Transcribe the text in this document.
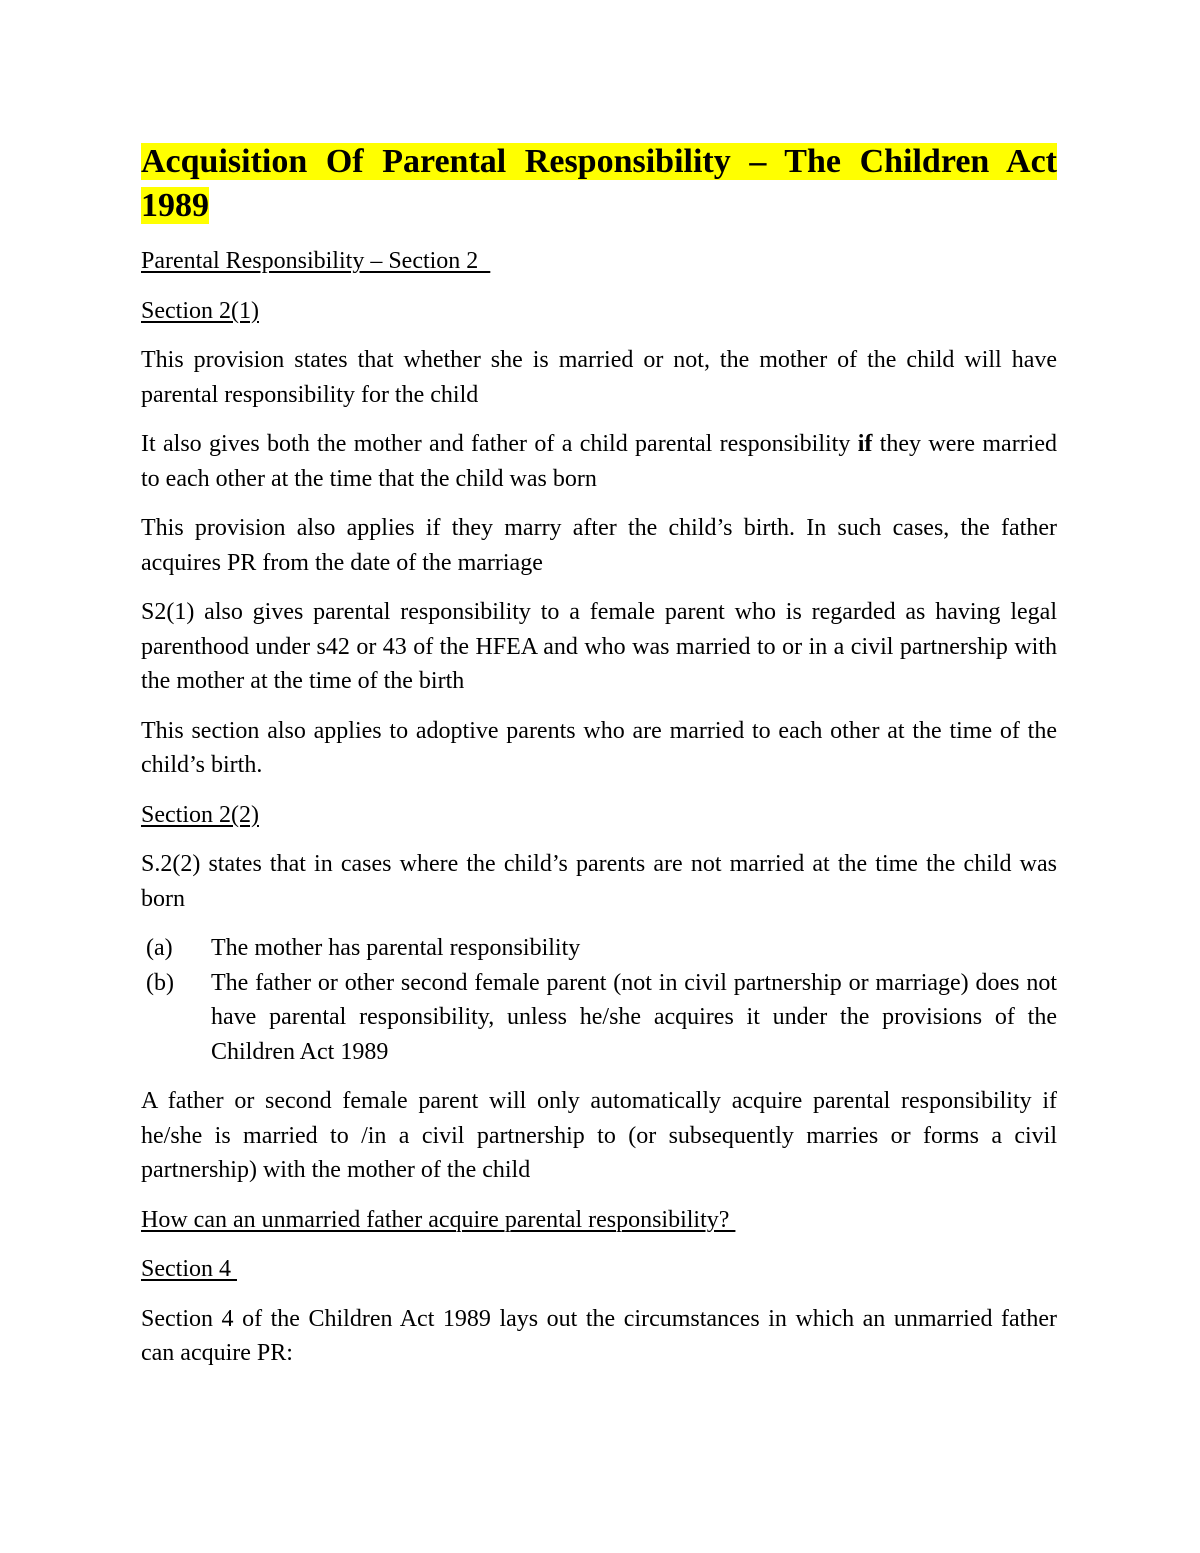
Acquisition Of Parental Responsibility – The Children Act 1989
Parental Responsibility – Section 2
Section 2(1)

This provision states that whether she is married or not, the mother of the child will have parental responsibility for the child

It also gives both the mother and father of a child parental responsibility if they were married to each other at the time that the child was born

This provision also applies if they marry after the child’s birth. In such cases, the father acquires PR from the date of the marriage

S2(1) also gives parental responsibility to a female parent who is regarded as having legal parenthood under s42 or 43 of the HFEA and who was married to or in a civil partnership with the mother at the time of the birth

This section also applies to adoptive parents who are married to each other at the time of the child’s birth.

Section 2(2)

S.2(2) states that in cases where the child’s parents are not married at the time the child was born

(a) The mother has parental responsibility
(b) The father or other second female parent (not in civil partnership or marriage) does not have parental responsibility, unless he/she acquires it under the provisions of the Children Act 1989

A father or second female parent will only automatically acquire parental responsibility if he/she is married to /in a civil partnership to (or subsequently marries or forms a civil partnership) with the mother of the child

How can an unmarried father acquire parental responsibility?
Section 4

Section 4 of the Children Act 1989 lays out the circumstances in which an unmarried father can acquire PR:
